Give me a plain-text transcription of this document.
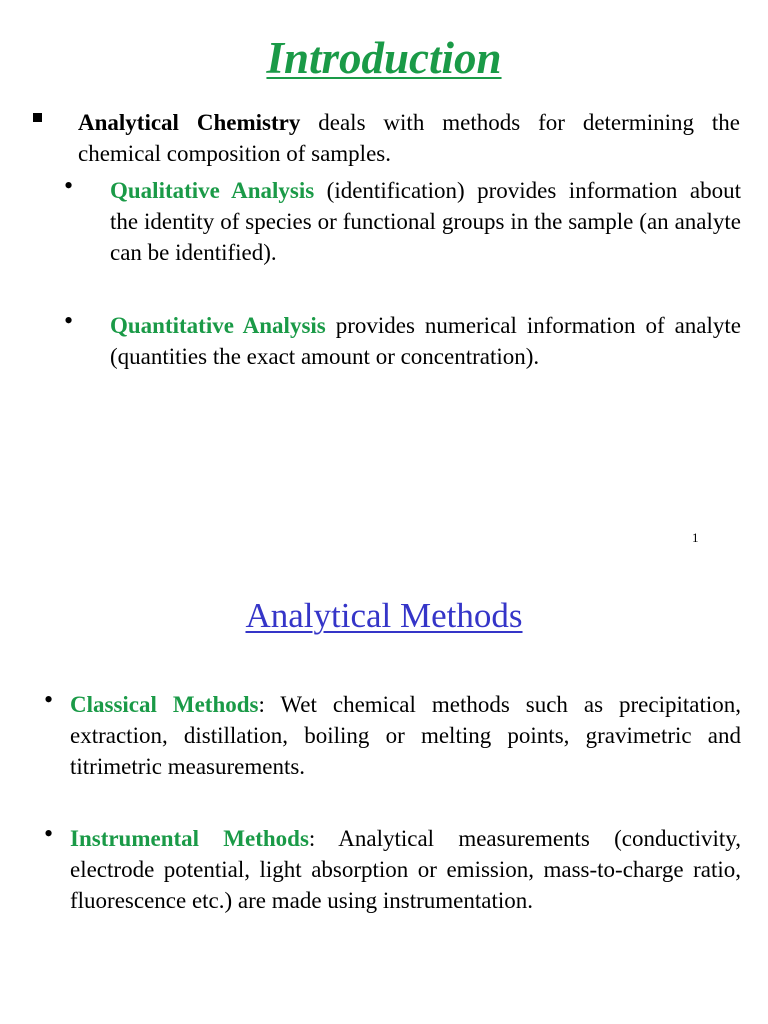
Introduction
Analytical Chemistry deals with methods for determining the chemical composition of samples.
• Qualitative Analysis (identification) provides information about the identity of species or functional groups in the sample (an analyte can be identified).
• Quantitative Analysis provides numerical information of analyte (quantities the exact amount or concentration).
1
Analytical Methods
• Classical Methods: Wet chemical methods such as precipitation, extraction, distillation, boiling or melting points, gravimetric and titrimetric measurements.
• Instrumental Methods: Analytical measurements (conductivity, electrode potential, light absorption or emission, mass-to-charge ratio, fluorescence etc.) are made using instrumentation.
